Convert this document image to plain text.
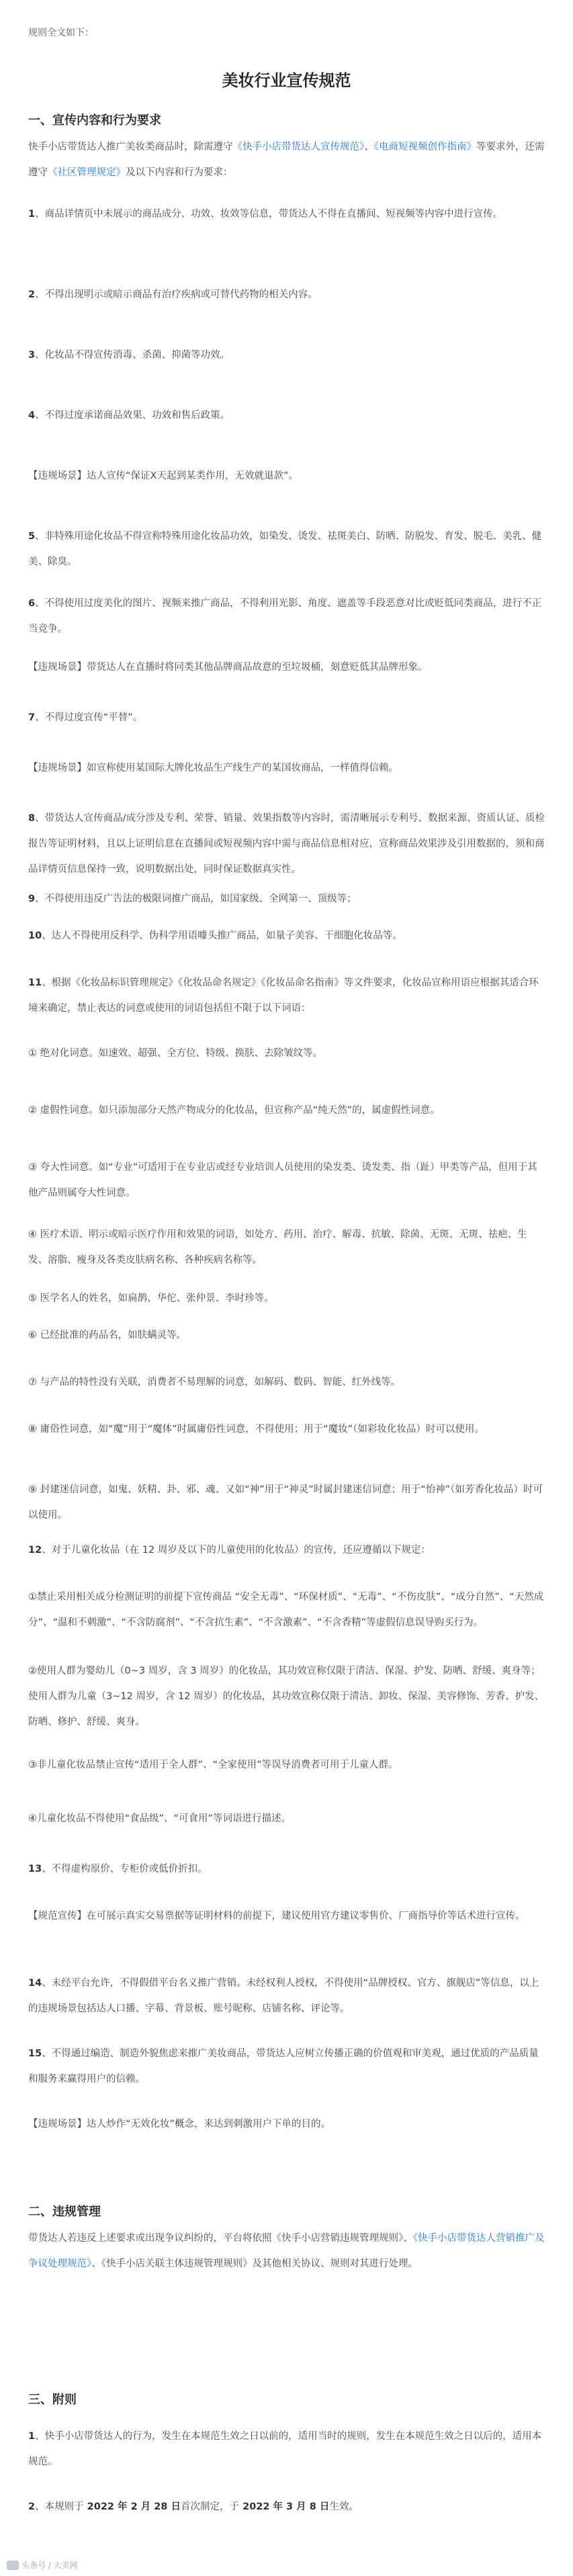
规则全文如下：
美妆行业宣传规范
一、宣传内容和行为要求
快手小店带货达人推广美妆类商品时，除需遵守《快手小店带货达人宣传规范》、《电商短视频创作指南》等要求外，还需遵守《社区管理规定》及以下内容和行为要求：
1、商品详情页中未展示的商品成分、功效、妆效等信息，带货达人不得在直播间、短视频等内容中进行宣传。
2、不得出现明示或暗示商品有治疗疾病或可替代药物的相关内容。
3、化妆品不得宣传消毒、杀菌、抑菌等功效。
4、不得过度承诺商品效果、功效和售后政策。
【违规场景】达人宣传“保证X天起到某类作用，无效就退款”。
5、非特殊用途化妆品不得宣称特殊用途化妆品功效，如染发、烫发、祛斑美白、防晒、防脱发、育发、脱毛、美乳、健美、除臭。
6、不得使用过度美化的图片、视频来推广商品，不得利用光影、角度、遮盖等手段恶意对比或贬低同类商品，进行不正当竞争。
【违规场景】带货达人在直播时将同类其他品牌商品故意的至垃圾桶，刻意贬低其品牌形象。
7、不得过度宣传“平替”。
【违规场景】如宣称使用某国际大牌化妆品生产线生产的某国妆商品，一样值得信赖。
8、带货达人宣传商品/成分涉及专利、荣誉、销量、效果指数等内容时，需清晰展示专利号、数据来源、资质认证、质检报告等证明材料，且以上证明信息在直播间或短视频内容中需与商品信息相对应，宣称商品效果涉及引用数据的，须和商品详情页信息保持一致，说明数据出处，同时保证数据真实性。
9、不得使用违反广告法的极限词推广商品，如国家级、全网第一、顶级等；
10、达人不得使用反科学、伪科学用语噱头推广商品，如量子美容、干细胞化妆品等。
11、根据《化妆品标识管理规定》《化妆品命名规定》《化妆品命名指南》等文件要求，化妆品宣称用语应根据其适合环境来确定，禁止表达的词意或使用的词语包括但不限于以下词语：
① 绝对化词意。如速效、超强、全方位、特级、换肤、去除皱纹等。
② 虚假性词意。如只添加部分天然产物成分的化妆品，但宣称产品“纯天然”的，属虚假性词意。
③ 夸大性词意。如“专业”可适用于在专业店或经专业培训人员使用的染发类、烫发类、指（趾）甲类等产品，但用于其他产品则属夸大性词意。
④ 医疗术语、明示或暗示医疗作用和效果的词语，如处方、药用、治疗、解毒、抗敏、除菌、无斑、无斑、祛疤、生发、溶脂、瘦身及各类皮肤病名称、各种疾病名称等。
⑤ 医学名人的姓名，如扁鹊、华佗、张仲景、李时珍等。
⑥ 已经批准的药品名，如肤螨灵等。
⑦ 与产品的特性没有关联，消费者不易理解的词意，如解码、数码、智能、红外线等。
⑧ 庸俗性词意，如“魔”用于“魔体”时属庸俗性词意，不得使用；用于“魔妆”（如彩妆化妆品）时可以使用。
⑨ 封建迷信词意，如鬼、妖精、卦、邪、魂、又如“神”用于“神灵”时属封建迷信词意；用于“怡神”（如芳香化妆品）时可以使用。
12、对于儿童化妆品（在 12 周岁及以下的儿童使用的化妆品）的宣传，还应遵循以下规定：
①禁止采用相关成分检测证明的前提下宣传商品 “安全无毒”、“环保材质”、“无毒”、“不伤皮肤”、“成分自然”、“天然成分”、“温和不刺激”、“不含防腐剂”、“不含抗生素”、“不含激素”、“不含香精”等虚假信息误导购买行为。
②使用人群为婴幼儿（0~3 周岁，含 3 周岁）的化妆品，其功效宣称仅限于清洁、保湿、护发、防晒、舒缓、爽身等；使用人群为儿童（3~12 周岁，含 12 周岁）的化妆品，其功效宣称仅限于清洁、卸妆、保湿、美容修饰、芳香、护发、防晒、修护、舒缓、爽身。
③非儿童化妆品禁止宣传“适用于全人群”、“全家使用”等误导消费者可用于儿童人群。
④儿童化妆品不得使用“食品级”、“可食用”等词语进行描述。
13、不得虚构原价、专柜价或低价折扣。
【规范宣传】在可展示真实交易票据等证明材料的前提下，建议使用官方建议零售价、厂商指导价等话术进行宣传。
14、未经平台允许，不得假借平台名义推广营销。未经权利人授权，不得使用“品牌授权、官方、旗舰店”等信息，以上的违规场景包括达人口播、字幕、背景板、账号昵称、店铺名称、评论等。
15、不得通过编造、制造外貌焦虑来推广美妆商品，带货达人应树立传播正确的价值观和审美观，通过优质的产品质量和服务来赢得用户的信赖。
【违规场景】达人炒作“无效化妆”概念，来达到刺激用户下单的目的。
二、违规管理
带货达人若违反上述要求或出现争议纠纷的，平台将依照《快手小店营销违规管理规则》、《快手小店带货达人营销推广及争议处理规范》、《快手小店关联主体违规管理规则》及其他相关协议、规则对其进行处理。
三、附则
1、快手小店带货达人的行为，发生在本规范生效之日以前的，适用当时的规则，发生在本规范生效之日以后的，适用本规范。
2、本规则于 2022 年 2 月 28 日首次制定，于 2022 年 3 月 8 日生效。
头条号 / 大美网
